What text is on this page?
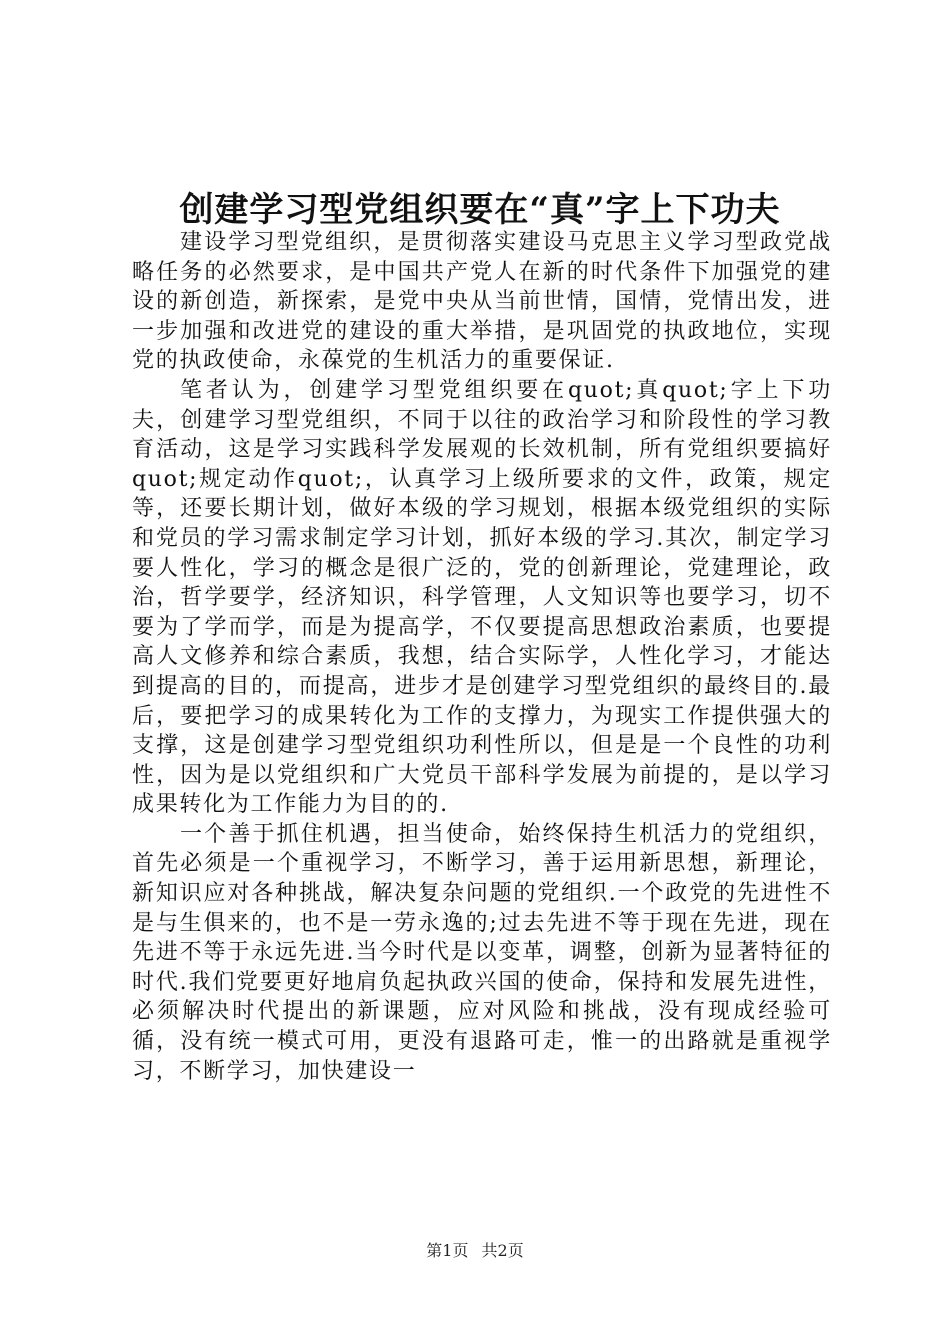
创建学习型党组织要在“真”字上下功夫

建设学习型党组织，是贯彻落实建设马克思主义学习型政党战略任务的必然要求，是中国共产党人在新的时代条件下加强党的建设的新创造，新探索，是党中央从当前世情，国情，党情出发，进一步加强和改进党的建设的重大举措，是巩固党的执政地位，实现党的执政使命，永葆党的生机活力的重要保证.

笔者认为，创建学习型党组织要在quot;真quot;字上下功夫，创建学习型党组织，不同于以往的政治学习和阶段性的学习教育活动，这是学习实践科学发展观的长效机制，所有党组织要搞好quot;规定动作quot;，认真学习上级所要求的文件，政策，规定等，还要长期计划，做好本级的学习规划，根据本级党组织的实际和党员的学习需求制定学习计划，抓好本级的学习.其次，制定学习要人性化，学习的概念是很广泛的，党的创新理论，党建理论，政治，哲学要学，经济知识，科学管理，人文知识等也要学习，切不要为了学而学，而是为提高学，不仅要提高思想政治素质，也要提高人文修养和综合素质，我想，结合实际学，人性化学习，才能达到提高的目的，而提高，进步才是创建学习型党组织的最终目的.最后，要把学习的成果转化为工作的支撑力，为现实工作提供强大的支撑，这是创建学习型党组织功利性所以，但是是一个良性的功利性，因为是以党组织和广大党员干部科学发展为前提的，是以学习成果转化为工作能力为目的的.

一个善于抓住机遇，担当使命，始终保持生机活力的党组织，首先必须是一个重视学习，不断学习，善于运用新思想，新理论，新知识应对各种挑战，解决复杂问题的党组织.一个政党的先进性不是与生俱来的，也不是一劳永逸的;过去先进不等于现在先进，现在先进不等于永远先进.当今时代是以变革，调整，创新为显著特征的时代.我们党要更好地肩负起执政兴国的使命，保持和发展先进性，必须解决时代提出的新课题，应对风险和挑战，没有现成经验可循，没有统一模式可用，更没有退路可走，惟一的出路就是重视学习，不断学习，加快建设一

第1页 共2页
